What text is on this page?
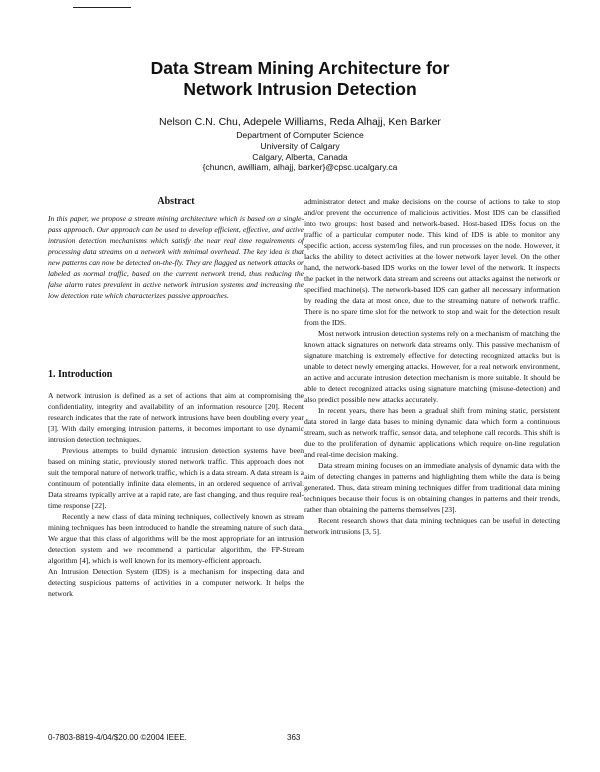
Data Stream Mining Architecture for
Network Intrusion Detection
Nelson C.N. Chu, Adepele Williams, Reda Alhajj, Ken Barker
Department of Computer Science
University of Calgary
Calgary, Alberta, Canada
{chuncn, awilliam, alhajj, barker}@cpsc.ucalgary.ca
Abstract

In this paper, we propose a stream mining architecture which is based on a single-pass approach. Our approach can be used to develop efficient, effective, and active intrusion detection mechanisms which satisfy the near real time requirements of processing data streams on a network with minimal overhead. The key idea is that new patterns can now be detected on-the-fly. They are flagged as network attacks or labeled as normal traffic, based on the current network trend, thus reducing the false alarm rates prevalent in active network intrusion systems and increasing the low detection rate which characterizes passive approaches.

1. Introduction

A network intrusion is defined as a set of actions that aim at compromising the confidentiality, integrity and availability of an information resource [20]. Recent research indicates that the rate of network intrusions have been doubling every year [3]. With daily emerging intrusion patterns, it becomes important to use dynamic intrusion detection techniques.

Previous attempts to build dynamic intrusion detection systems have been based on mining static, previously stored network traffic. This approach does not suit the temporal nature of network traffic, which is a data stream. A data stream is a continuum of potentially infinite data elements, in an ordered sequence of arrival. Data streams typically arrive at a rapid rate, are fast changing, and thus require real-time response [22].

Recently a new class of data mining techniques, collectively known as stream mining techniques has been introduced to handle the streaming nature of such data. We argue that this class of algorithms will be the most appropriate for an intrusion detection system and we recommend a particular algorithm, the FP-Stream algorithm [4], which is well known for its memory-efficient approach.

An Intrusion Detection System (IDS) is a mechanism for inspecting data and detecting suspicious patterns of activities in a computer network. It helps the network

administrator detect and make decisions on the course of actions to take to stop and/or prevent the occurrence of malicious activities. Most IDS can be classified into two groups: host based and network-based. Host-based IDSs focus on the traffic of a particular computer node. This kind of IDS is able to monitor any specific action, access system/log files, and run processes on the node. However, it lacks the ability to detect activities at the lower network layer level. On the other hand, the network-based IDS works on the lower level of the network. It inspects the packet in the network data stream and screens out attacks against the network or specified machine(s). The network-based IDS can gather all necessary information by reading the data at most once, due to the streaming nature of network traffic. There is no spare time slot for the network to stop and wait for the detection result from the IDS.

Most network intrusion detection systems rely on a mechanism of matching the known attack signatures on network data streams only. This passive mechanism of signature matching is extremely effective for detecting recognized attacks but is unable to detect newly emerging attacks. However, for a real network environment, an active and accurate intrusion detection mechanism is more suitable. It should be able to detect recognized attacks using signature matching (misuse-detection) and also predict possible new attacks accurately.

In recent years, there has been a gradual shift from mining static, persistent data stored in large data bases to mining dynamic data which form a continuous stream, such as network traffic, sensor data, and telephone call records. This shift is due to the proliferation of dynamic applications which require on-line regulation and real-time decision making.

Data stream mining focuses on an immediate analysis of dynamic data with the aim of detecting changes in patterns and highlighting them while the data is being generated. Thus, data stream mining techniques differ from traditional data mining techniques because their focus is on obtaining changes in patterns and their trends, rather than obtaining the patterns themselves [23].

Recent research shows that data mining techniques can be useful in detecting network intrusions [3, 5].

0-7803-8819-4/04/$20.00 ©2004 IEEE.	363
